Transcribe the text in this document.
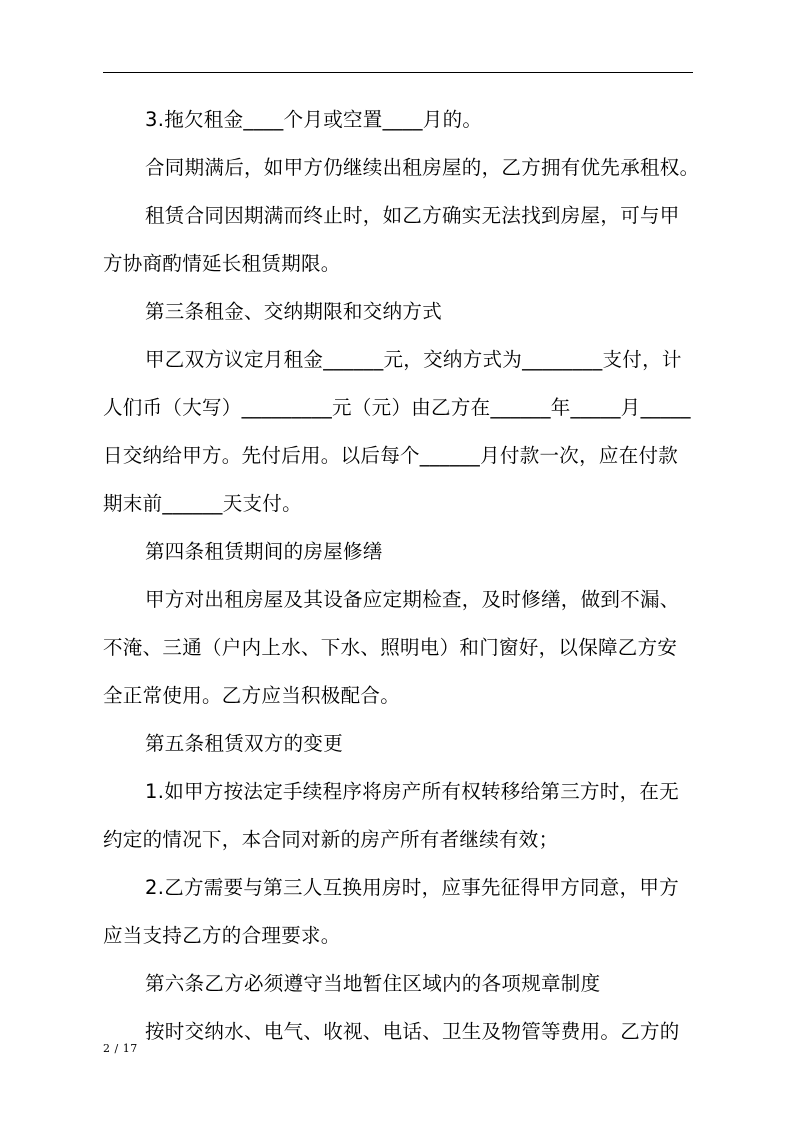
3.拖欠租金____个月或空置____月的。
合同期满后，如甲方仍继续出租房屋的，乙方拥有优先承租权。
租赁合同因期满而终止时，如乙方确实无法找到房屋，可与甲
方协商酌情延长租赁期限。
第三条租金、交纳期限和交纳方式
甲乙双方议定月租金______元，交纳方式为________支付，计
人们币（大写）_________元（元）由乙方在______年_____月_____
日交纳给甲方。先付后用。以后每个______月付款一次，应在付款
期末前______天支付。
第四条租赁期间的房屋修缮
甲方对出租房屋及其设备应定期检查，及时修缮，做到不漏、
不淹、三通（户内上水、下水、照明电）和门窗好，以保障乙方安
全正常使用。乙方应当积极配合。
第五条租赁双方的变更
1.如甲方按法定手续程序将房产所有权转移给第三方时，在无
约定的情况下，本合同对新的房产所有者继续有效；
2.乙方需要与第三人互换用房时，应事先征得甲方同意，甲方
应当支持乙方的合理要求。
第六条乙方必须遵守当地暂住区域内的各项规章制度
按时交纳水、电气、收视、电话、卫生及物管等费用。乙方的
2 / 17
